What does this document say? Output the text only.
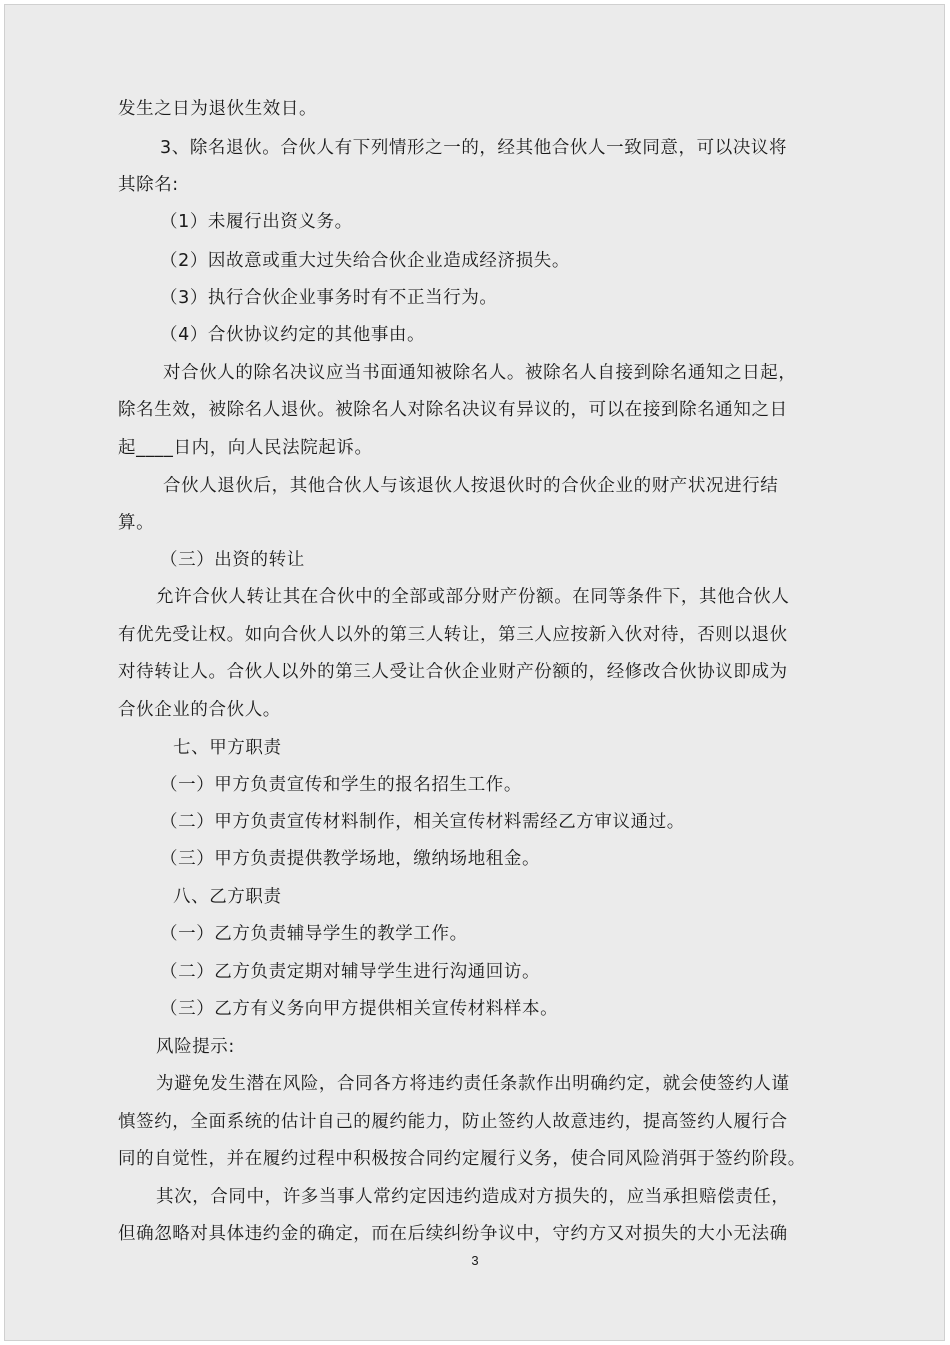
发生之日为退伙生效日。
3、除名退伙。合伙人有下列情形之一的，经其他合伙人一致同意，可以决议将
其除名:
（1）未履行出资义务。
（2）因故意或重大过失给合伙企业造成经济损失。
（3）执行合伙企业事务时有不正当行为。
（4）合伙协议约定的其他事由。
对合伙人的除名决议应当书面通知被除名人。被除名人自接到除名通知之日起，
除名生效，被除名人退伙。被除名人对除名决议有异议的，可以在接到除名通知之日
起____日内，向人民法院起诉。
合伙人退伙后，其他合伙人与该退伙人按退伙时的合伙企业的财产状况进行结
算。
（三）出资的转让
允许合伙人转让其在合伙中的全部或部分财产份额。在同等条件下，其他合伙人
有优先受让权。如向合伙人以外的第三人转让，第三人应按新入伙对待，否则以退伙
对待转让人。合伙人以外的第三人受让合伙企业财产份额的，经修改合伙协议即成为
合伙企业的合伙人。
七、甲方职责
（一）甲方负责宣传和学生的报名招生工作。
（二）甲方负责宣传材料制作，相关宣传材料需经乙方审议通过。
（三）甲方负责提供教学场地，缴纳场地租金。
八、乙方职责
（一）乙方负责辅导学生的教学工作。
（二）乙方负责定期对辅导学生进行沟通回访。
（三）乙方有义务向甲方提供相关宣传材料样本。
风险提示:
为避免发生潜在风险，合同各方将违约责任条款作出明确约定，就会使签约人谨
慎签约，全面系统的估计自己的履约能力，防止签约人故意违约，提高签约人履行合
同的自觉性，并在履约过程中积极按合同约定履行义务，使合同风险消弭于签约阶段。
其次，合同中，许多当事人常约定因违约造成对方损失的，应当承担赔偿责任，
但确忽略对具体违约金的确定，而在后续纠纷争议中，守约方又对损失的大小无法确
3
